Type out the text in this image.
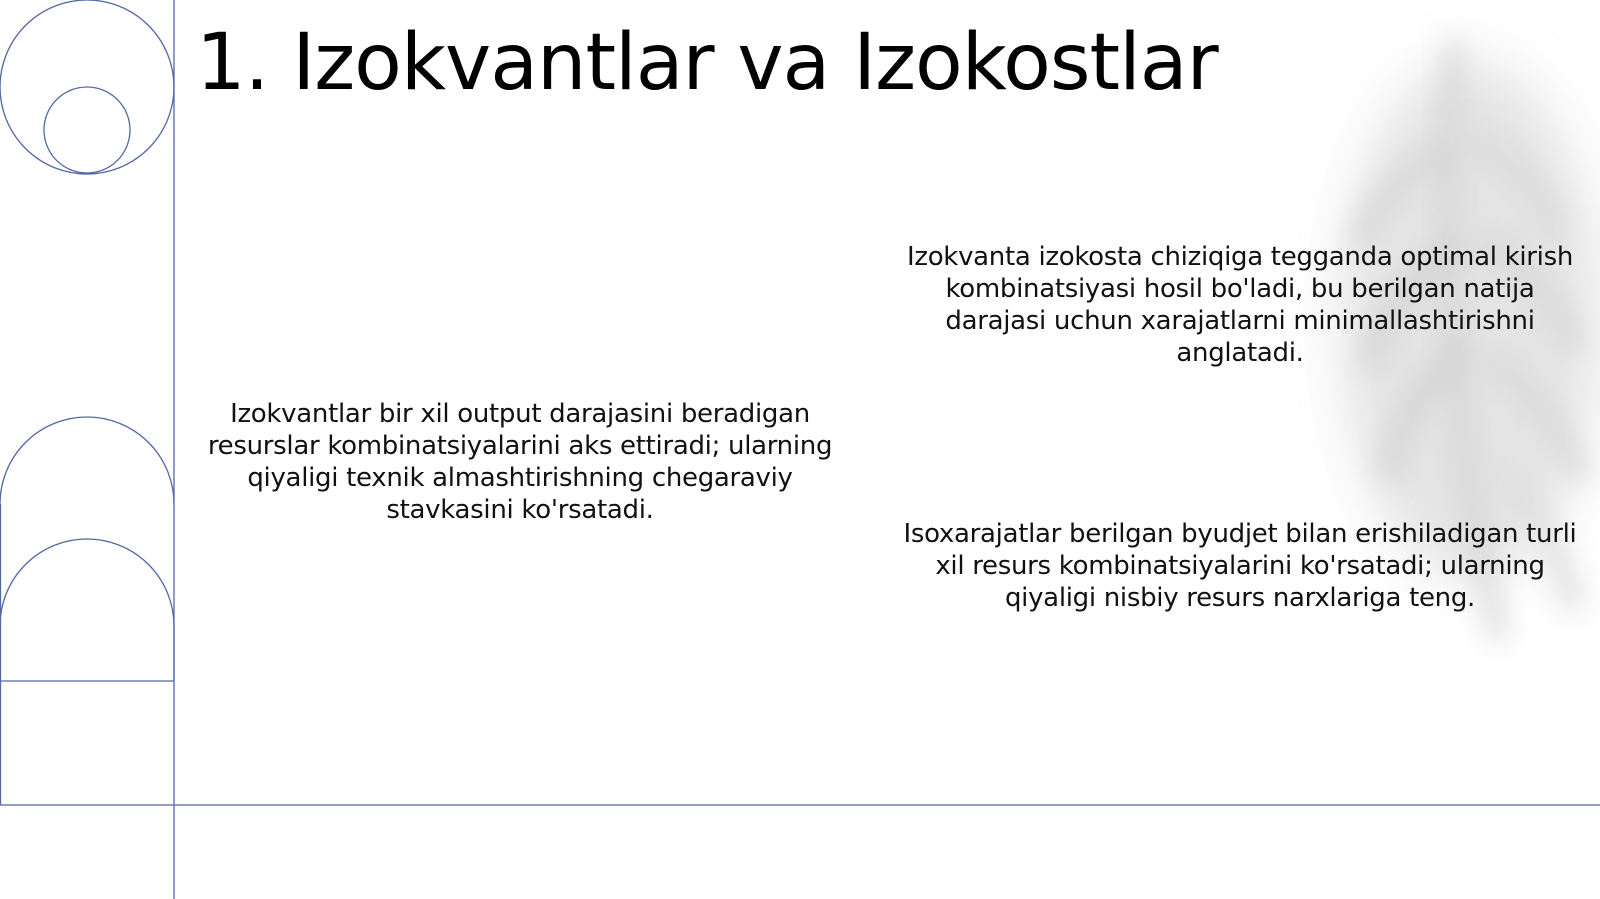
1. Izokvantlar va Izokostlar

Izokvantlar bir xil output darajasini beradigan resurslar kombinatsiyalarini aks ettiradi; ularning qiyaligi texnik almashtirishning chegaraviy stavkasini ko'rsatadi.

Izokvanta izokosta chiziqiga tegganda optimal kirish kombinatsiyasi hosil bo'ladi, bu berilgan natija darajasi uchun xarajatlarni minimallashtirishni anglatadi.

Isoxarajatlar berilgan byudjet bilan erishiladigan turli xil resurs kombinatsiyalarini ko'rsatadi; ularning qiyaligi nisbiy resurs narxlariga teng.
